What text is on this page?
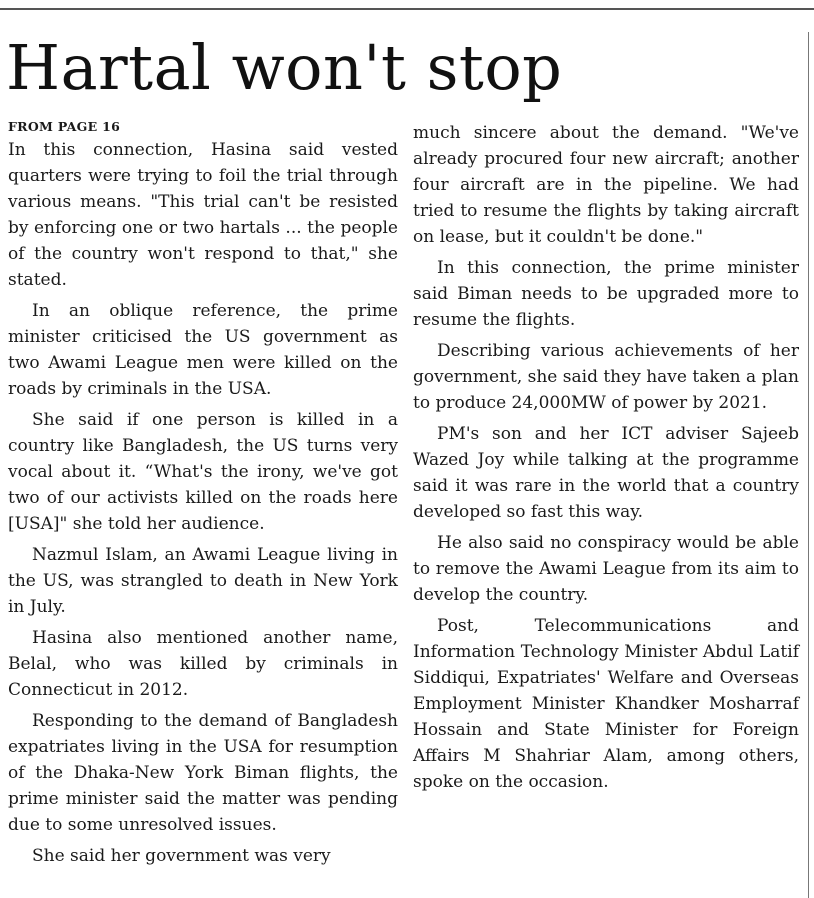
Hartal won't stop
FROM PAGE 16

In this connection, Hasina said vested quarters were trying to foil the trial through various means. "This trial can't be resisted by enforcing one or two hartals ... the people of the country won't respond to that," she stated.

In an oblique reference, the prime minister criticised the US government as two Awami League men were killed on the roads by criminals in the USA.

She said if one person is killed in a country like Bangladesh, the US turns very vocal about it. “What's the irony, we've got two of our activists killed on the roads here [USA]" she told her audience.

Nazmul Islam, an Awami League living in the US, was strangled to death in New York in July.

Hasina also mentioned another name, Belal, who was killed by criminals in Connecticut in 2012.

Responding to the demand of Bangladesh expatriates living in the USA for resumption of the Dhaka-New York Biman flights, the prime minister said the matter was pending due to some unresolved issues.

She said her government was very

much sincere about the demand. "We've already procured four new aircraft; another four aircraft are in the pipeline. We had tried to resume the flights by taking aircraft on lease, but it couldn't be done."

In this connection, the prime minister said Biman needs to be upgraded more to resume the flights.

Describing various achievements of her government, she said they have taken a plan to produce 24,000MW of power by 2021.

PM's son and her ICT adviser Sajeeb Wazed Joy while talking at the programme said it was rare in the world that a country developed so fast this way.

He also said no conspiracy would be able to remove the Awami League from its aim to develop the country.

Post, Telecommunications and Information Technology Minister Abdul Latif Siddiqui, Expatriates' Welfare and Overseas Employment Minister Khandker Mosharraf Hossain and State Minister for Foreign Affairs M Shahriar Alam, among others, spoke on the occasion.
